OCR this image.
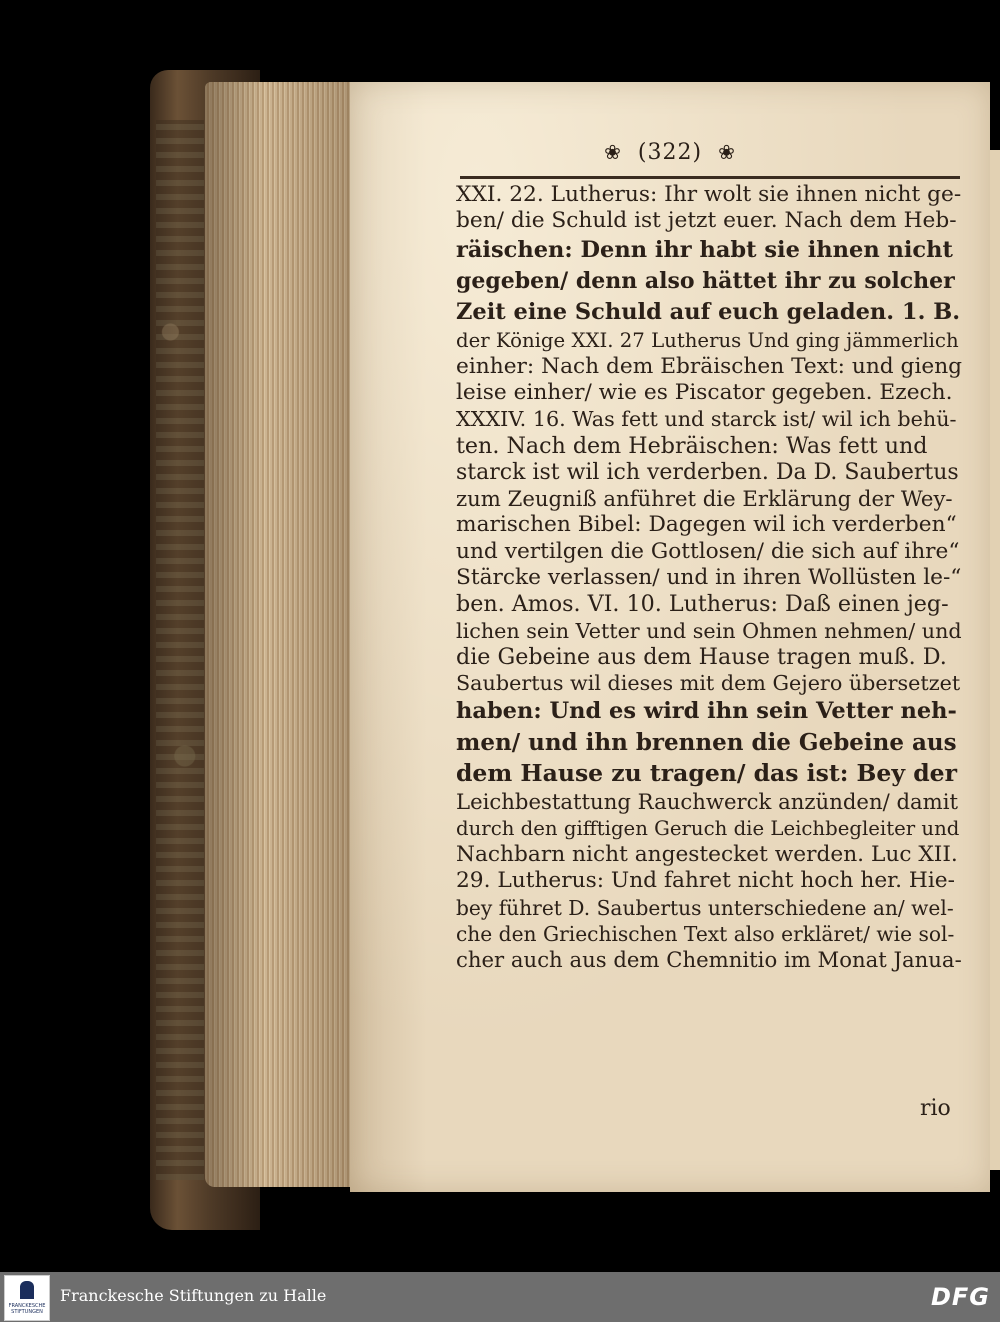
❀ (322) ❀
XXI. 22. Lutherus: Ihr wolt sie ihnen nicht ge-
ben/ die Schuld ist jetzt euer. Nach dem Heb-
räischen: Denn ihr habt sie ihnen nicht
gegeben/ denn also hättet ihr zu solcher
Zeit eine Schuld auf euch geladen. 1. B.
der Könige XXI. 27 Lutherus Und ging jämmerlich
einher: Nach dem Ebräischen Text: und gieng
leise einher/ wie es Piscator gegeben. Ezech.
XXXIV. 16. Was fett und starck ist/ wil ich behü-
ten. Nach dem Hebräischen: Was fett und
starck ist wil ich verderben. Da D. Saubertus
zum Zeugniß anführet die Erklärung der Wey-
marischen Bibel: Dagegen wil ich verderben“
und vertilgen die Gottlosen/ die sich auf ihre“
Stärcke verlassen/ und in ihren Wollüsten le-“
ben. Amos. VI. 10. Lutherus: Daß einen jeg-
lichen sein Vetter und sein Ohmen nehmen/ und
die Gebeine aus dem Hause tragen muß. D.
Saubertus wil dieses mit dem Gejero übersetzet
haben: Und es wird ihn sein Vetter neh-
men/ und ihn brennen die Gebeine aus
dem Hause zu tragen/ das ist: Bey der
Leichbestattung Rauchwerck anzünden/ damit
durch den gifftigen Geruch die Leichbegleiter und
Nachbarn nicht angestecket werden. Luc XII.
29. Lutherus: Und fahret nicht hoch her. Hie-
bey führet D. Saubertus unterschiedene an/ wel-
che den Griechischen Text also erkläret/ wie sol-
cher auch aus dem Chemnitio im Monat Janua-
rio
FRANCKESCHE STIFTUNGEN
Franckesche Stiftungen zu Halle	DFG
